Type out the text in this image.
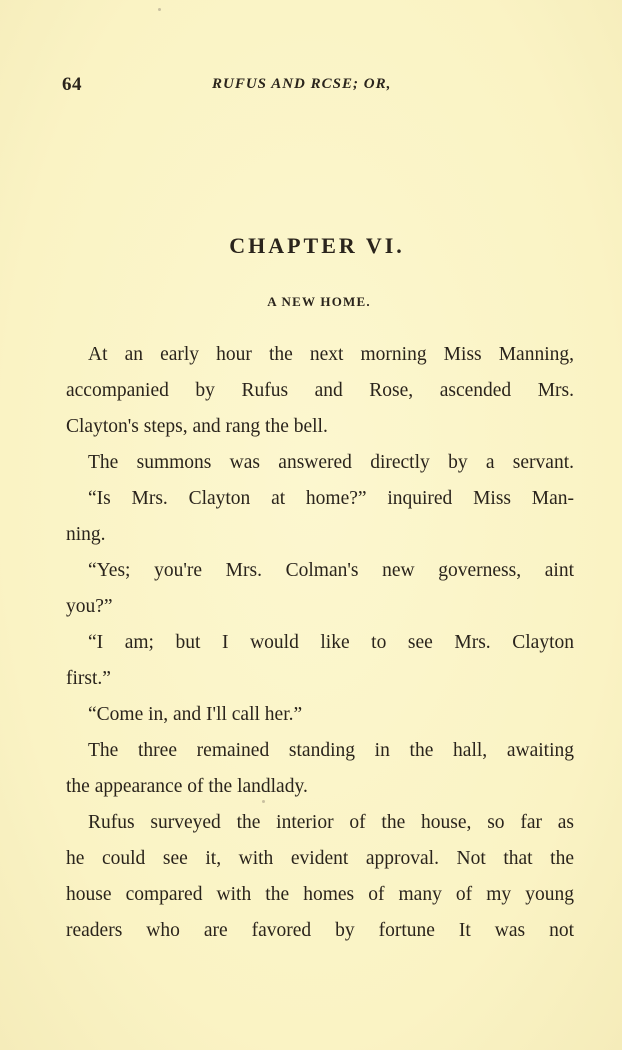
64	RUFUS AND RCSE; OR,
CHAPTER VI.
A NEW HOME.
At an early hour the next morning Miss Manning,
accompanied by Rufus and Rose, ascended Mrs.
Clayton's steps, and rang the bell.
The summons was answered directly by a servant.
“Is Mrs. Clayton at home?” inquired Miss Man-
ning.
“Yes; you're Mrs. Colman's new governess, aint
you?”
“I am; but I would like to see Mrs. Clayton
first.”
“Come in, and I'll call her.”
The three remained standing in the hall, awaiting
the appearance of the landlady.
Rufus surveyed the interior of the house, so far as
he could see it, with evident approval. Not that the
house compared with the homes of many of my young
readers who are favored by fortune It was not
